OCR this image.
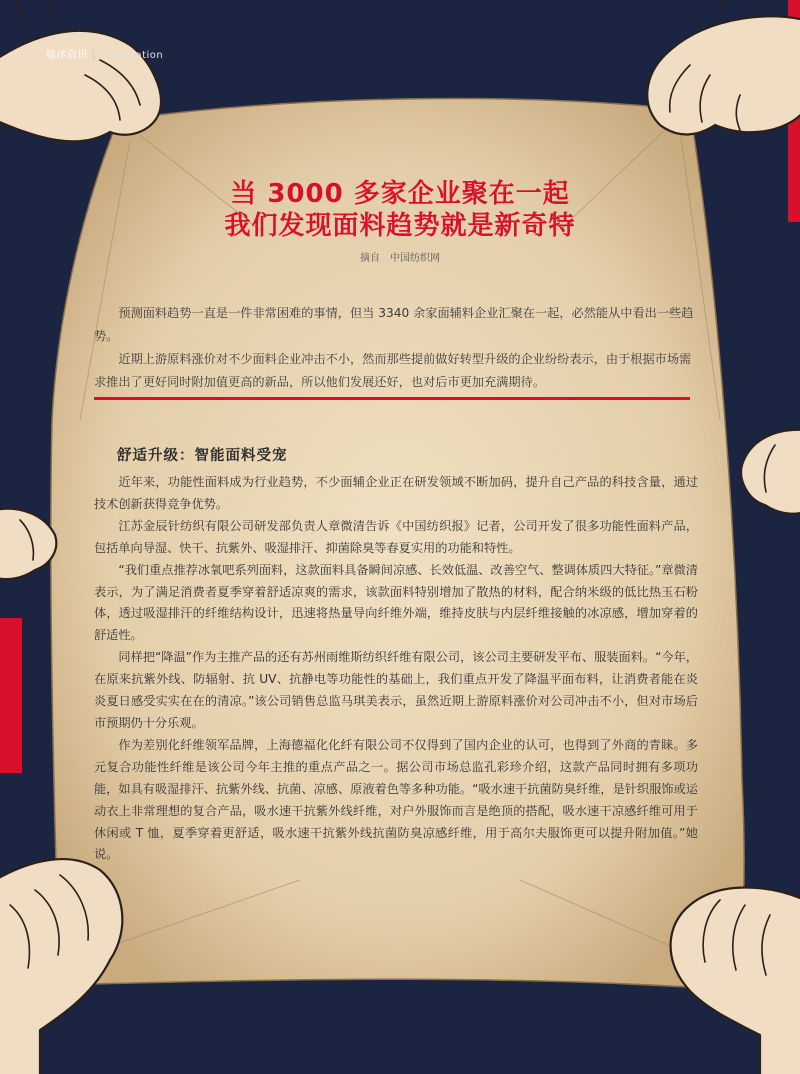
媒体资讯 | Information
当 3000 多家企业聚在一起
我们发现面料趋势就是新奇特
摘自 中国纺织网

预测面料趋势一直是一件非常困难的事情，但当 3340 余家面辅料企业汇聚在一起，必然能从中看出一些趋势。

近期上游原料涨价对不少面料企业冲击不小，然而那些提前做好转型升级的企业纷纷表示，由于根据市场需求推出了更好同时附加值更高的新品，所以他们发展还好，也对后市更加充满期待。

舒适升级：智能面料受宠

近年来，功能性面料成为行业趋势，不少面辅企业正在研发领域不断加码，提升自己产品的科技含量，通过技术创新获得竞争优势。

江苏金辰针纺织有限公司研发部负责人章微清告诉《中国纺织报》记者，公司开发了很多功能性面料产品，包括单向导湿、快干、抗紫外、吸湿排汗、抑菌除臭等春夏实用的功能和特性。

“我们重点推荐冰氧吧系列面料，这款面料具备瞬间凉感、长效低温、改善空气、整调体质四大特征。”章微清表示，为了满足消费者夏季穿着舒适凉爽的需求，该款面料特别增加了散热的材料，配合纳米级的低比热玉石粉体，透过吸湿排汗的纤维结构设计，迅速将热量导向纤维外端，维持皮肤与内层纤维接触的冰凉感，增加穿着的舒适性。

同样把“降温”作为主推产品的还有苏州雨维斯纺织纤维有限公司，该公司主要研发平布、服装面料。“今年，在原来抗紫外线、防辐射、抗 UV、抗静电等功能性的基础上，我们重点开发了降温平面布料，让消费者能在炎炎夏日感受实实在在的清凉。”该公司销售总监马琪美表示，虽然近期上游原料涨价对公司冲击不小，但对市场后市预期仍十分乐观。

作为差别化纤维领军品牌，上海德福化化纤有限公司不仅得到了国内企业的认可，也得到了外商的青睐。多元复合功能性纤维是该公司今年主推的重点产品之一。据公司市场总监孔彩珍介绍，这款产品同时拥有多项功能，如具有吸湿排汗、抗紫外线、抗菌、凉感、原液着色等多种功能。“吸水速干抗菌防臭纤维，是针织服饰或运动衣上非常理想的复合产品，吸水速干抗紫外线纤维，对户外服饰而言是绝顶的搭配，吸水速干凉感纤维可用于休闲或 T 恤，夏季穿着更舒适，吸水速干抗紫外线抗菌防臭凉感纤维，用于高尔夫服饰更可以提升附加值。”她说。
